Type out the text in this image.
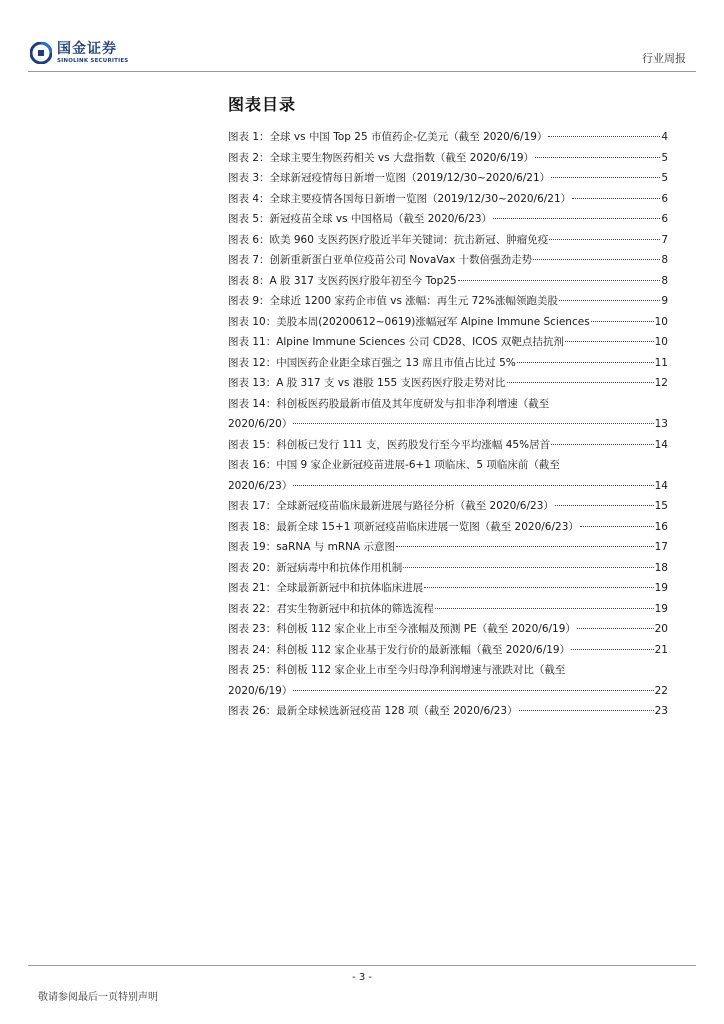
国金证券
SINOLINK SECURITIES	行业周报
图表目录
图表 1：全球 vs 中国 Top 25 市值药企-亿美元（截至 2020/6/19）	4
图表 2：全球主要生物医药相关 vs 大盘指数（截至 2020/6/19）	5
图表 3：全球新冠疫情每日新增一览图（2019/12/30~2020/6/21）	5
图表 4：全球主要疫情各国每日新增一览图（2019/12/30~2020/6/21）	6
图表 5：新冠疫苗全球 vs 中国格局（截至 2020/6/23）	6
图表 6：欧美 960 支医药医疗股近半年关键词：抗击新冠、肿瘤免疫	7
图表 7：创新重新蛋白亚单位疫苗公司 NovaVax 十数倍强劲走势	8
图表 8：A 股 317 支医药医疗股年初至今 Top25	8
图表 9：全球近 1200 家药企市值 vs 涨幅：再生元 72%涨幅领跑美股	9
图表 10：美股本周(20200612~0619)涨幅冠军 Alpine Immune Sciences	10
图表 11：Alpine Immune Sciences 公司 CD28、ICOS 双靶点拮抗剂	10
图表 12：中国医药企业距全球百强之 13 席且市值占比过 5%	11
图表 13：A 股 317 支 vs 港股 155 支医药医疗股走势对比	12
图表 14：科创板医药股最新市值及其年度研发与扣非净利增速（截至
2020/6/20）	13
图表 15：科创板已发行 111 支，医药股发行至今平均涨幅 45%居首	14
图表 16：中国 9 家企业新冠疫苗进展-6+1 项临床、5 项临床前（截至
2020/6/23）	14
图表 17：全球新冠疫苗临床最新进展与路径分析（截至 2020/6/23）	15
图表 18：最新全球 15+1 项新冠疫苗临床进展一览图（截至 2020/6/23）	16
图表 19：saRNA 与 mRNA 示意图	17
图表 20：新冠病毒中和抗体作用机制	18
图表 21：全球最新新冠中和抗体临床进展	19
图表 22：君实生物新冠中和抗体的筛选流程	19
图表 23：科创板 112 家企业上市至今涨幅及预测 PE（截至 2020/6/19）	20
图表 24：科创板 112 家企业基于发行价的最新涨幅（截至 2020/6/19）	21
图表 25：科创板 112 家企业上市至今归母净利润增速与涨跌对比（截至
2020/6/19）	22
图表 26：最新全球候选新冠疫苗 128 项（截至 2020/6/23）	23
- 3 -
敬请参阅最后一页特别声明
